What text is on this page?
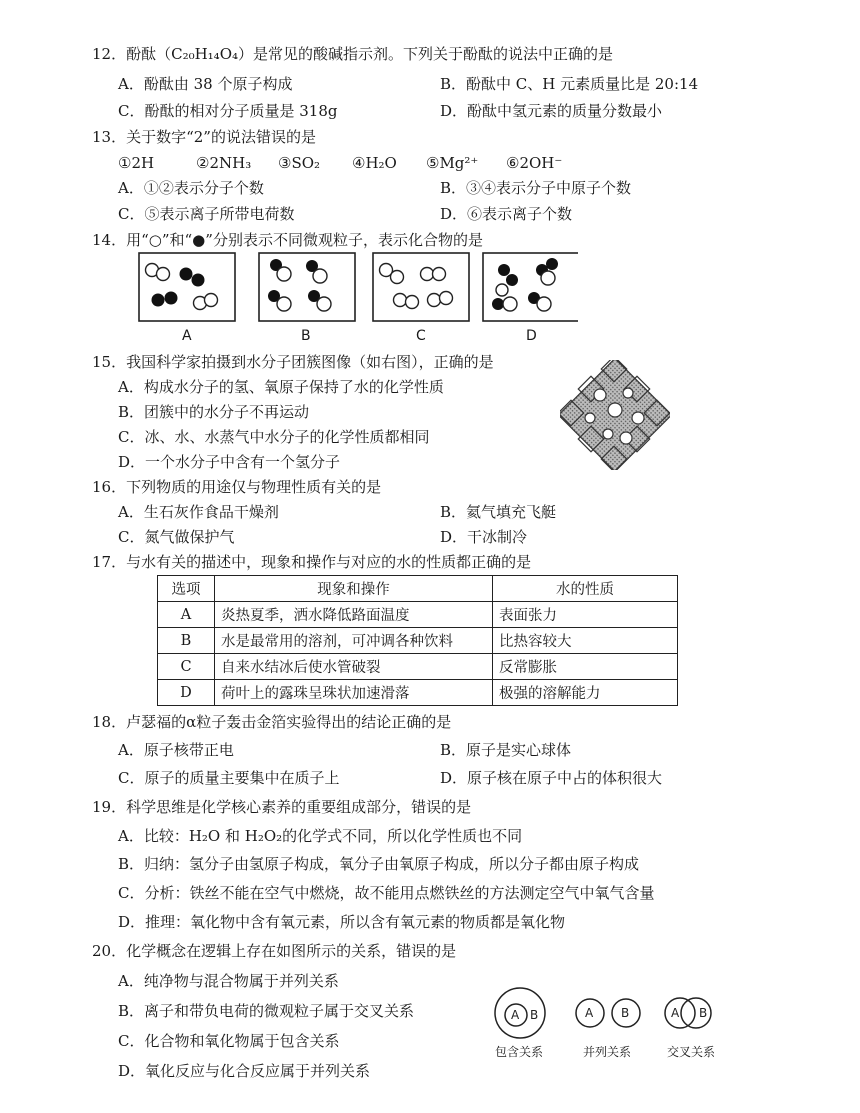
12．酚酞（C₂₀H₁₄O₄）是常见的酸碱指示剂。下列关于酚酞的说法中正确的是
A．酚酞由 38 个原子构成	B．酚酞中 C、H 元素质量比是 20:14
C．酚酞的相对分子质量是 318g	D．酚酞中氢元素的质量分数最小
13．关于数字“2”的说法错误的是
①2H	②2NH₃ ③SO₂ ④H₂O ⑤Mg²⁺ ⑥2OH⁻
A．①②表示分子个数	B．③④表示分子中原子个数
C．⑤表示离子所带电荷数	D．⑥表示离子个数
14．用“○”和“●”分别表示不同微观粒子，表示化合物的是
A	B	C	D
15．我国科学家拍摄到水分子团簇图像（如右图），正确的是
A．构成水分子的氢、氧原子保持了水的化学性质
B．团簇中的水分子不再运动
C．冰、水、水蒸气中水分子的化学性质都相同
D．一个水分子中含有一个氢分子
16．下列物质的用途仅与物理性质有关的是
A．生石灰作食品干燥剂	B．氦气填充飞艇
C．氮气做保护气	D．干冰制冷
17．与水有关的描述中，现象和操作与对应的水的性质都正确的是
选项	现象和操作	水的性质
A	炎热夏季，洒水降低路面温度	表面张力
B	水是最常用的溶剂，可冲调各种饮料	比热容较大
C	自来水结冰后使水管破裂	反常膨胀
D	荷叶上的露珠呈珠状加速滑落	极强的溶解能力
18．卢瑟福的α粒子轰击金箔实验得出的结论正确的是
A．原子核带正电	B．原子是实心球体
C．原子的质量主要集中在质子上	D．原子核在原子中占的体积很大
19．科学思维是化学核心素养的重要组成部分，错误的是
A．比较：H₂O 和 H₂O₂的化学式不同，所以化学性质也不同
B．归纳：氢分子由氢原子构成，氧分子由氧原子构成，所以分子都由原子构成
C．分析：铁丝不能在空气中燃烧，故不能用点燃铁丝的方法测定空气中氧气含量
D．推理：氧化物中含有氧元素，所以含有氧元素的物质都是氧化物
20．化学概念在逻辑上存在如图所示的关系，错误的是
A．纯净物与混合物属于并列关系
B．离子和带负电荷的微观粒子属于交叉关系
C．化合物和氧化物属于包含关系
D．氧化反应与化合反应属于并列关系
A B	A B	A B
包含关系	并列关系	交叉关系
